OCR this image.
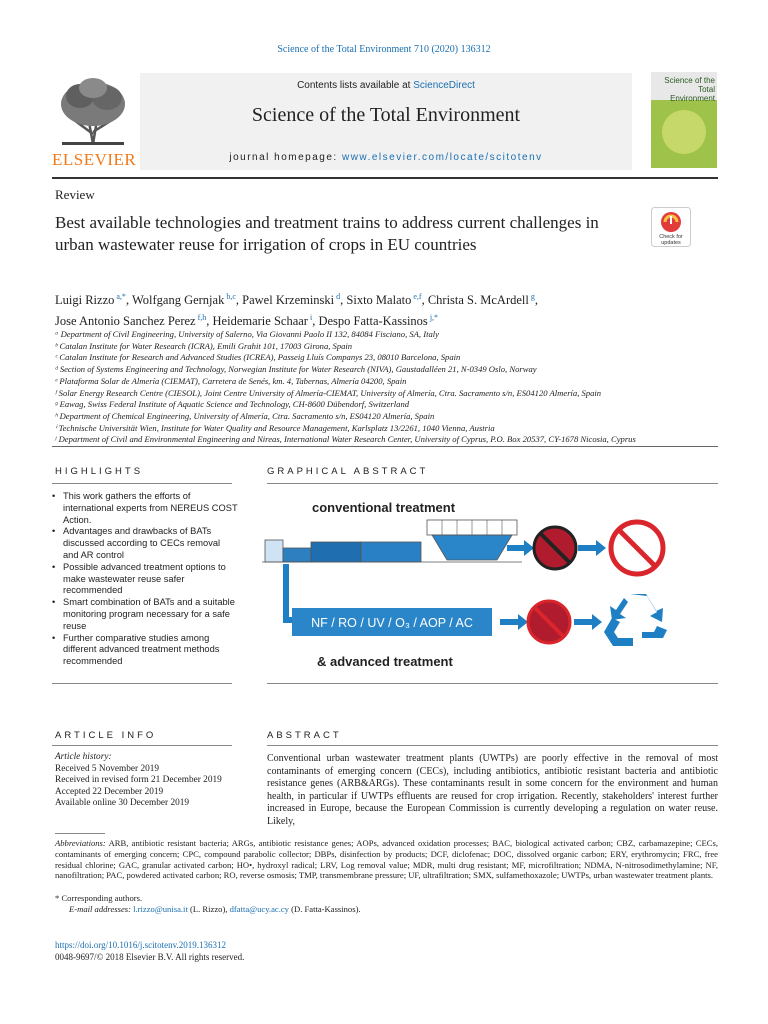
Science of the Total Environment 710 (2020) 136312
Contents lists available at ScienceDirect
Science of the Total Environment
journal homepage: www.elsevier.com/locate/scitotenv
ELSEVIER
Science of the Total Environment
Review
Best available technologies and treatment trains to address current challenges in urban wastewater reuse for irrigation of crops in EU countries	Check for updates
Luigi Rizzo $^{a,*}$, Wolfgang Gernjak $^{b,c}$, Pawel Krzeminski $^d$, Sixto Malato $^{e,f}$, Christa S. McArdell $^g$,
Jose Antonio Sanchez Perez $^{f,h}$, Heidemarie Schaar $^i$, Despo Fatta-Kassinos $^{j,*}$
ᵃ Department of Civil Engineering, University of Salerno, Via Giovanni Paolo II 132, 84084 Fisciano, SA, Italy
ᵇ Catalan Institute for Water Research (ICRA), Emili Grahit 101, 17003 Girona, Spain
ᶜ Catalan Institute for Research and Advanced Studies (ICREA), Passeig Lluís Companys 23, 08010 Barcelona, Spain
ᵈ Section of Systems Engineering and Technology, Norwegian Institute for Water Research (NIVA), Gaustadalléen 21, N-0349 Oslo, Norway
ᵉ Plataforma Solar de Almería (CIEMAT), Carretera de Senés, km. 4, Tabernas, Almería 04200, Spain
ᶠ Solar Energy Research Centre (CIESOL), Joint Centre University of Almería-CIEMAT, University of Almería, Ctra. Sacramento s/n, ES04120 Almería, Spain
ᵍ Eawag, Swiss Federal Institute of Aquatic Science and Technology, CH-8600 Dübendorf, Switzerland
ʰ Department of Chemical Engineering, University of Almería, Ctra. Sacramento s/n, ES04120 Almería, Spain
ⁱ Technische Universität Wien, Institute for Water Quality and Resource Management, Karlsplatz 13/2261, 1040 Vienna, Austria
ʲ Department of Civil and Environmental Engineering and Nireas, International Water Research Center, University of Cyprus, P.O. Box 20537, CY-1678 Nicosia, Cyprus
HIGHLIGHTS
• This work gathers the efforts of international experts from NEREUS COST Action.
• Advantages and drawbacks of BATs discussed according to CECs removal and AR control
• Possible advanced treatment options to make wastewater reuse safer recommended
• Smart combination of BATs and a suitable monitoring program necessary for a safe reuse
• Further comparative studies among different advanced treatment methods recommended
GRAPHICAL ABSTRACT
conventional treatment
NF / RO / UV / O₃ / AOP / AC
& advanced treatment
ARTICLE INFO
Article history:
Received 5 November 2019
Received in revised form 21 December 2019
Accepted 22 December 2019
Available online 30 December 2019
ABSTRACT
Conventional urban wastewater treatment plants (UWTPs) are poorly effective in the removal of most contaminants of emerging concern (CECs), including antibiotics, antibiotic resistant bacteria and antibiotic resistance genes (ARB&ARGs). These contaminants result in some concern for the environment and human health, in particular if UWTPs effluents are reused for crop irrigation. Recently, stakeholders' interest further increased in Europe, because the European Commission is currently developing a regulation on water reuse. Likely,
Abbreviations: ARB, antibiotic resistant bacteria; ARGs, antibiotic resistance genes; AOPs, advanced oxidation processes; BAC, biological activated carbon; CBZ, carbamazepine; CECs, contaminants of emerging concern; CPC, compound parabolic collector; DBPs, disinfection by products; DCF, diclofenac; DOC, dissolved organic carbon; ERY, erythromycin; FRC, free residual chlorine; GAC, granular activated carbon; HO•, hydroxyl radical; LRV, Log removal value; MDR, multi drug resistant; MF, microfiltration; NDMA, N-nitrosodimethylamine; NF, nanofiltration; PAC, powdered activated carbon; RO, reverse osmosis; TMP, transmembrane pressure; UF, ultrafiltration; SMX, sulfamethoxazole; UWTPs, urban wastewater treatment plants.
* Corresponding authors.
E-mail addresses: l.rizzo@unisa.it (L. Rizzo), dfatta@ucy.ac.cy (D. Fatta-Kassinos).
https://doi.org/10.1016/j.scitotenv.2019.136312
0048-9697/© 2018 Elsevier B.V. All rights reserved.
